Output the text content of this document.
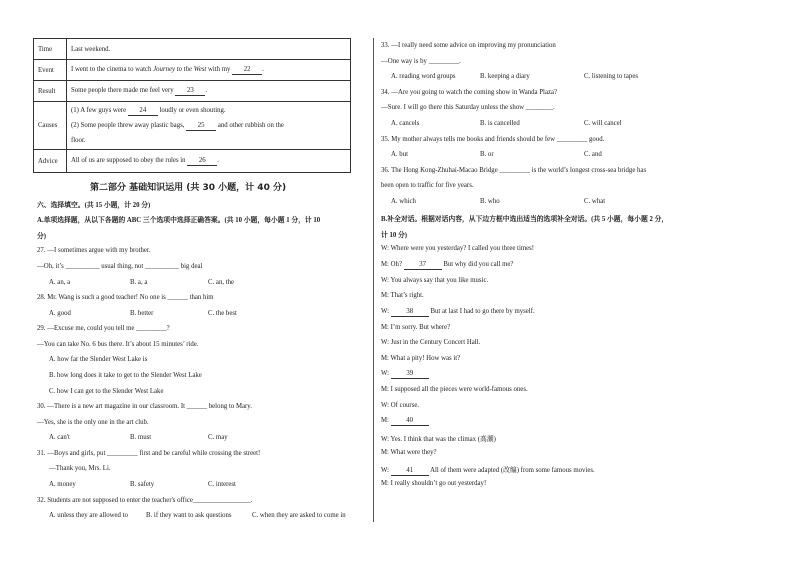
Time	Last weekend.
Event	I went to the cinema to watch Journey to the West with my 22 .
Result	Some people there made me feel very 23 .
Causes	(1) A few guys were 24 loudly or even shouting.
(2) Some people threw away plastic bags, 25 and other rubbish on the
floor.

Advice	All of us are supposed to obey the rules in 26 .
第二部分 基础知识运用 (共 30 小题，计 40 分)
六、选择填空。(共 15 小题，计 20 分)
A.单项选择题，从以下各题的 ABC 三个选项中选择正确答案。(共 10 小题，每小题 1 分，计 10
分)
27. —I sometimes argue with my brother.
—Oh, it’s __________ usual thing, not __________ big deal
A. an, a	B. a, a	C. an, the
28. Mr. Wang is such a good teacher! No one is ______ than him
A. good	B. better	C. the best
29. —Excuse me, could you tell me _________?
—You can take No. 6 bus there. It’s about 15 minutes’ ride.
A. how far the Slender West Lake is
B. how long does it take to get to the Slender West Lake
C. how I can get to the Slender West Lake
30. —There is a new art magazine in our classroom. It ______ belong to Mary.
—Yes, she is the only one in the art club.
A. can't	B. must	C. may
31. —Boys and girls, put _________ first and be careful while crossing the street!
—Thank you, Mrs. Li.
A. money	B. safety	C. interest
32. Students are not supposed to enter the teacher's office_________________.
A. unless they are allowed to	B. if they want to ask questions	C. when they are asked to come in
33. —I really need some advice on improving my pronunciation
—One way is by _________.
A. reading word groups	B. keeping a diary	C. listening to tapes
34. —Are you going to watch the coming show in Wanda Plaza?
—Sure. I will go there this Saturday unless the show ________.
A. cancels	B. is cancelled	C. will cancel
35. My mother always tells me books and friends should be few _________ good.
A. but	B. or	C. and
36. The Hong Kong-Zhuhai-Macao Bridge _________ is the world’s longest cross-sea bridge has
been open to traffic for five years.
A. which	B. who	C. what
B.补全对话。根据对话内容，从下边方框中选出适当的选项补全对话。(共 5 小题，每小题 2 分，
计 10 分)
W: Where were you yesterday? I called you three times!
M: Oh? 37 But why did you call me?
W: You always say that you like music.
M: That’s right.
W: 38 But at last I had to go there by myself.
M: I’m sorry. But where?
W: Just in the Century Concert Hall.
M: What a pity! How was it?
W: 39
M: I supposed all the pieces were world-famous ones.
W: Of course.
M: 40
W: Yes. I think that was the climax (高潮)
M: What were they?
W: 41 All of them were adapted (改编) from some famous movies.
M: I really shouldn’t go out yesterday!
